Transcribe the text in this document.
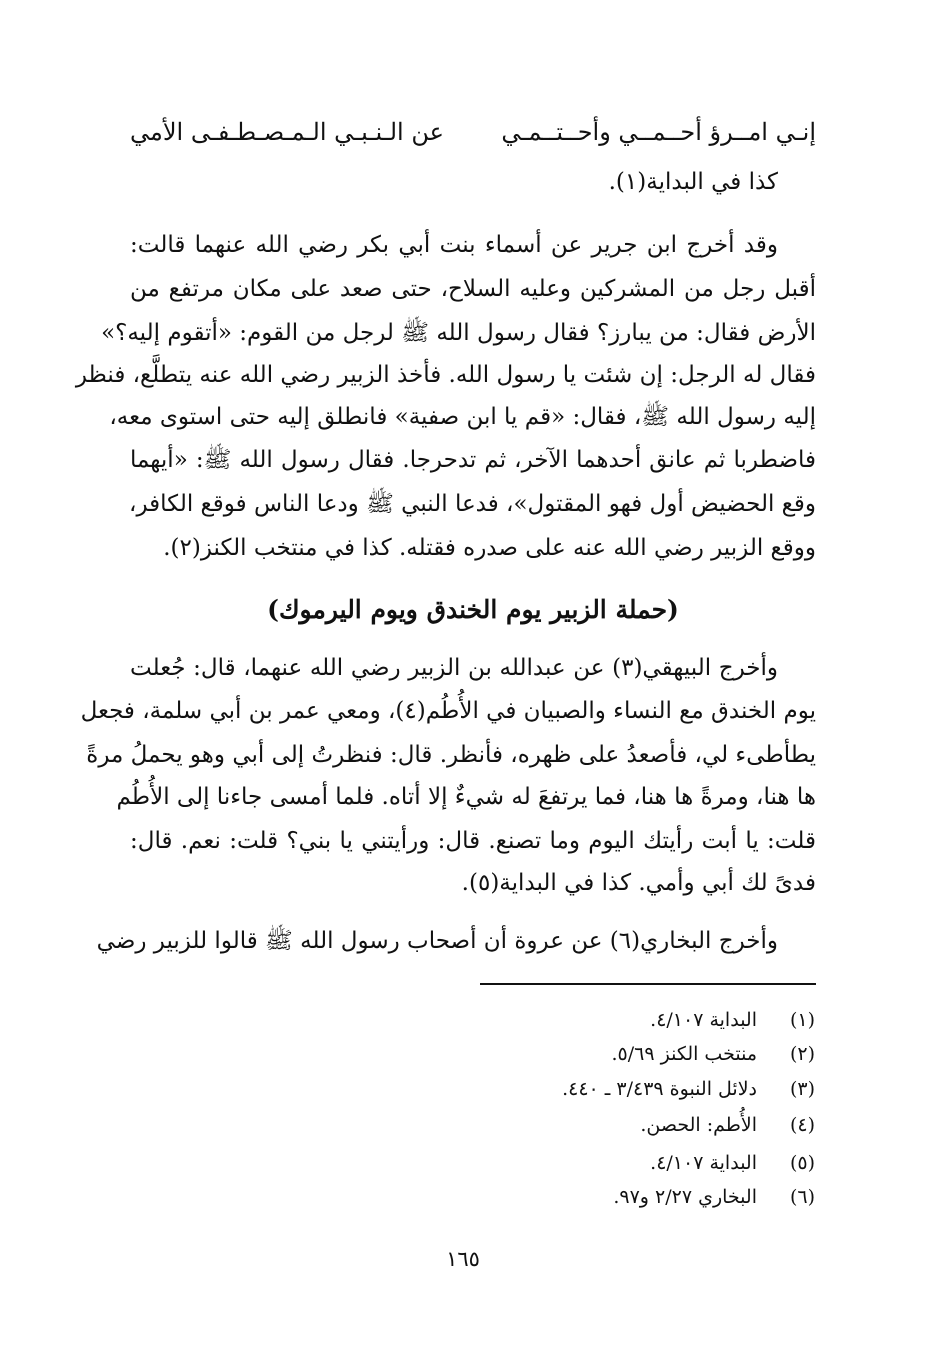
إنـي امــرؤ أحــمــي وأحــتــمـي
عن الـنـبـي الـمـصـطـفـى الأمي
كذا في البداية(١).
وقد أخرج ابن جرير عن أسماء بنت أبي بكر رضي الله عنهما قالت:
أقبل رجل من المشركين وعليه السلاح، حتى صعد على مكان مرتفع من
الأرض فقال: من يبارز؟ فقال رسول الله ﷺ لرجل من القوم: «أتقوم إليه؟»
فقال له الرجل: إن شئت يا رسول الله. فأخذ الزبير رضي الله عنه يتطلَّع، فنظر
إليه رسول الله ﷺ، فقال: «قم يا ابن صفية» فانطلق إليه حتى استوى معه،
فاضطربا ثم عانق أحدهما الآخر، ثم تدحرجا. فقال رسول الله ﷺ: «أيهما
وقع الحضيض أول فهو المقتول»، فدعا النبي ﷺ ودعا الناس فوقع الكافر،
ووقع الزبير رضي الله عنه على صدره فقتله. كذا في منتخب الكنز(٢).
(حملة الزبير يوم الخندق ويوم اليرموك)
وأخرج البيهقي(٣) عن عبدالله بن الزبير رضي الله عنهما، قال: جُعلت
يوم الخندق مع النساء والصبيان في الأُطُم(٤)، ومعي عمر بن أبي سلمة، فجعل
يطأطىء لي، فأصعدُ على ظهره، فأنظر. قال: فنظرتُ إلى أبي وهو يحملُ مرةً
ها هنا، ومرةً ها هنا، فما يرتفعَ له شيءٌ إلا أتاه. فلما أمسى جاءنا إلى الأُطُم
قلت: يا أبت رأيتك اليوم وما تصنع. قال: ورأيتني يا بني؟ قلت: نعم. قال:
فدىً لك أبي وأمي. كذا في البداية(٥).
وأخرج البخاري(٦) عن عروة أن أصحاب رسول الله ﷺ قالوا للزبير رضي
(١)
البداية ٤/١٠٧.
(٢)
منتخب الكنز ٥/٦٩.
(٣)
دلائل النبوة ٣/٤٣٩ ـ ٤٤٠.
(٤)
الأُطم: الحصن.
(٥)
البداية ٤/١٠٧.
(٦)
البخاري ٢/٢٧ و٩٧.
١٦٥
